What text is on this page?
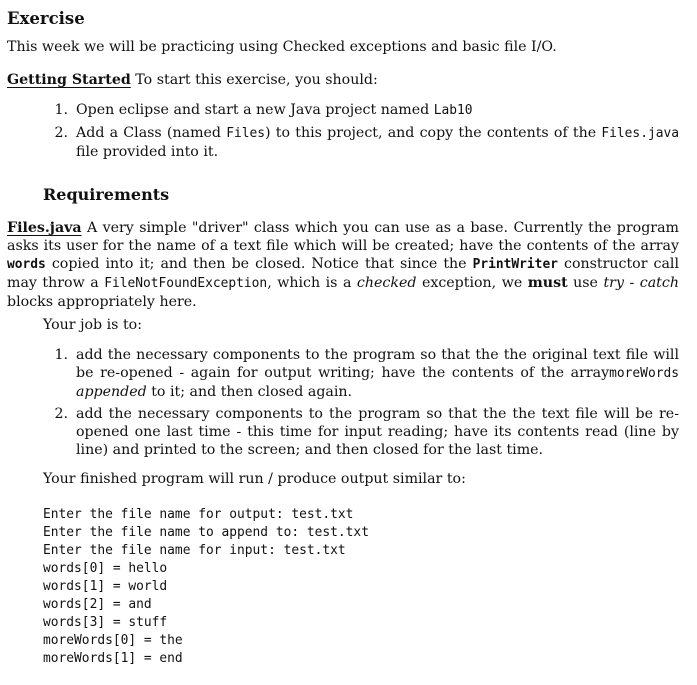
Exercise

This week we will be practicing using Checked exceptions and basic file I/O.

Getting Started To start this exercise, you should:

1. Open eclipse and start a new Java project named Lab10

2. Add a Class (named Files) to this project, and copy the contents of the Files.java file provided into it.

Requirements

Files.java A very simple "driver" class which you can use as a base. Currently the program asks its user for the name of a text file which will be created; have the contents of the array words copied into it; and then be closed. Notice that since the PrintWriter constructor call may throw a FileNotFoundException, which is a checked exception, we must use try - catch blocks appropriately here.

Your job is to:

1. add the necessary components to the program so that the the original text file will be re-opened - again for output writing; have the contents of the arraymoreWords appended to it; and then closed again.

2. add the necessary components to the program so that the the text file will be re-opened one last time - this time for input reading; have its contents read (line by line) and printed to the screen; and then closed for the last time.

Your finished program will run / produce output similar to:

Enter the file name for output: test.txt

Enter the file name to append to: test.txt

Enter the file name for input: test.txt

words[0] = hello

words[1] = world

words[2] = and

words[3] = stuff

moreWords[0] = the

moreWords[1] = end
